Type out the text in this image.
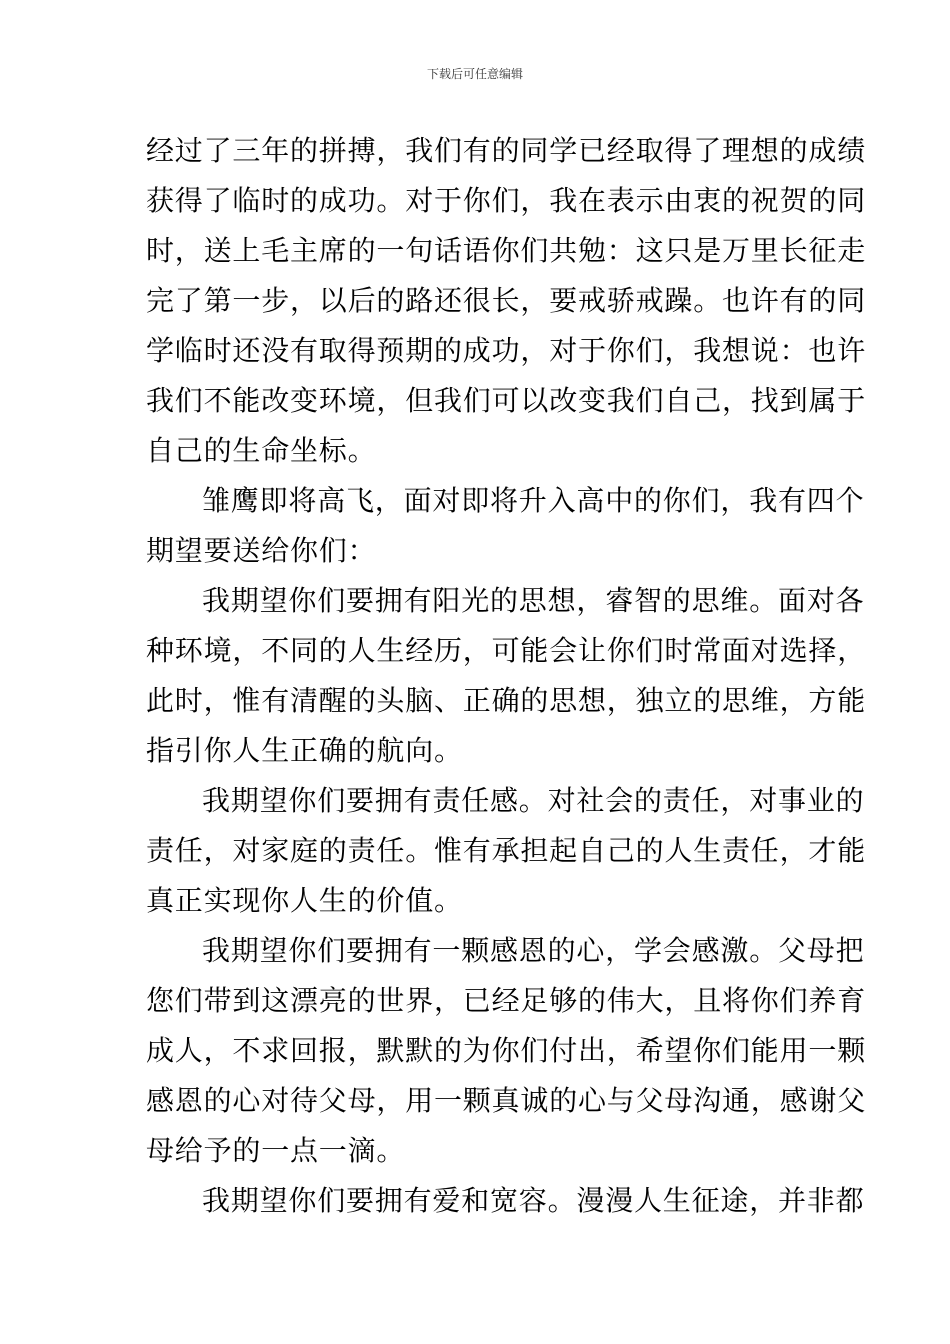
下载后可任意编辑
经过了三年的拼搏，我们有的同学已经取得了理想的成绩
获得了临时的成功。对于你们，我在表示由衷的祝贺的同
时，送上毛主席的一句话语你们共勉：这只是万里长征走
完了第一步，以后的路还很长，要戒骄戒躁。也许有的同
学临时还没有取得预期的成功，对于你们，我想说：也许
我们不能改变环境，但我们可以改变我们自己，找到属于
自己的生命坐标。
雏鹰即将高飞，面对即将升入高中的你们，我有四个
期望要送给你们：
我期望你们要拥有阳光的思想，睿智的思维。面对各
种环境，不同的人生经历，可能会让你们时常面对选择，
此时，惟有清醒的头脑、正确的思想，独立的思维，方能
指引你人生正确的航向。
我期望你们要拥有责任感。对社会的责任，对事业的
责任，对家庭的责任。惟有承担起自己的人生责任，才能
真正实现你人生的价值。
我期望你们要拥有一颗感恩的心，学会感激。父母把
您们带到这漂亮的世界，已经足够的伟大，且将你们养育
成人，不求回报，默默的为你们付出，希望你们能用一颗
感恩的心对待父母，用一颗真诚的心与父母沟通，感谢父
母给予的一点一滴。
我期望你们要拥有爱和宽容。漫漫人生征途，并非都
